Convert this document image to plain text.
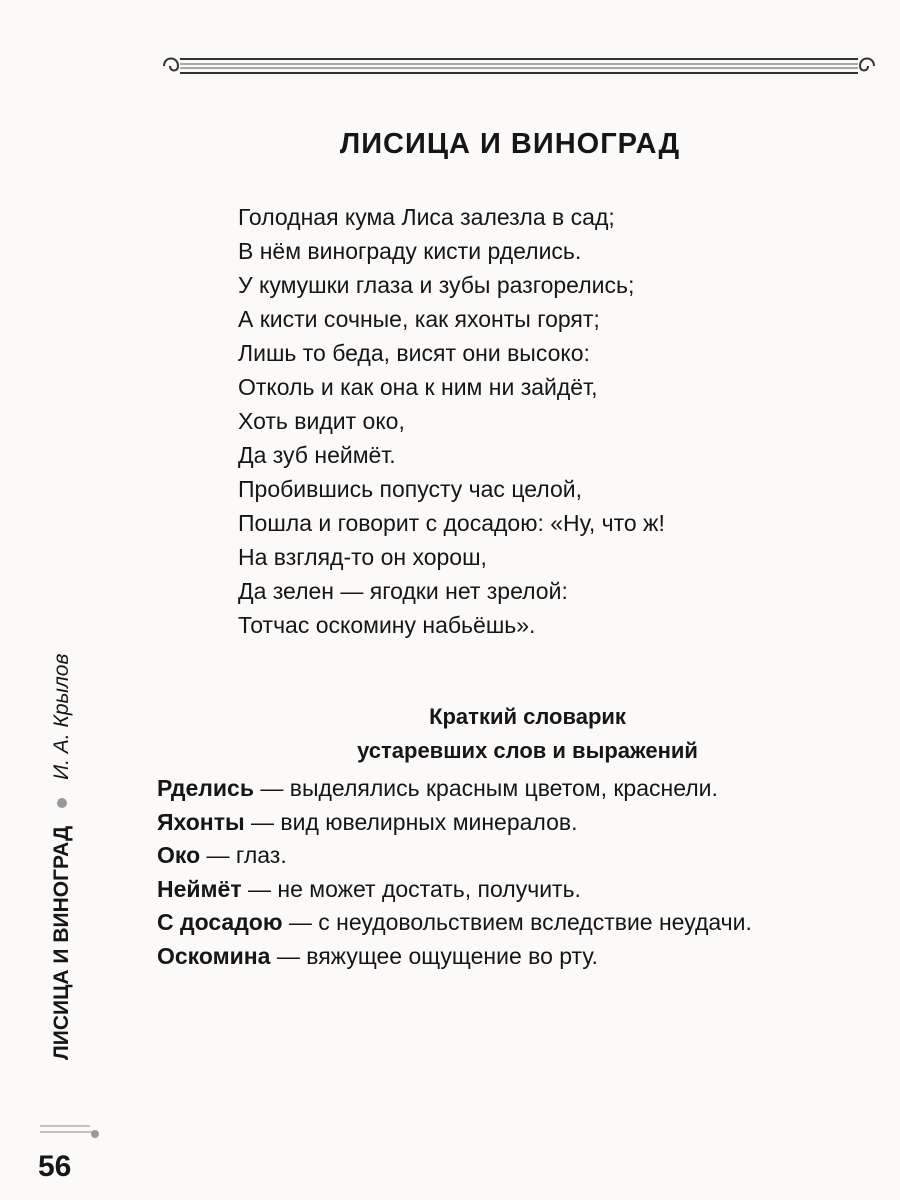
ЛИСИЦА И ВИНОГРАД
Голодная кума Лиса залезла в сад;
В нём винограду кисти рделись.
У кумушки глаза и зубы разгорелись;
А кисти сочные, как яхонты горят;
Лишь то беда, висят они высоко:
Отколь и как она к ним ни зайдёт,
Хоть видит око,
Да зуб неймёт.
Пробившись попусту час целой,
Пошла и говорит с досадою: «Ну, что ж!
На взгляд-то он хорош,
Да зелен — ягодки нет зрелой:
Тотчас оскомину набьёшь».
Краткий словарик
устаревших слов и выражений
Рделись — выделялись красным цветом, краснели.
Яхонты — вид ювелирных минералов.
Око — глаз.
Неймёт — не может достать, получить.
С досадою — с неудовольствием вследствие неудачи.
Оскомина — вяжущее ощущение во рту.
ЛИСИЦА И ВИНОГРАД
И. А. Крылов
56
